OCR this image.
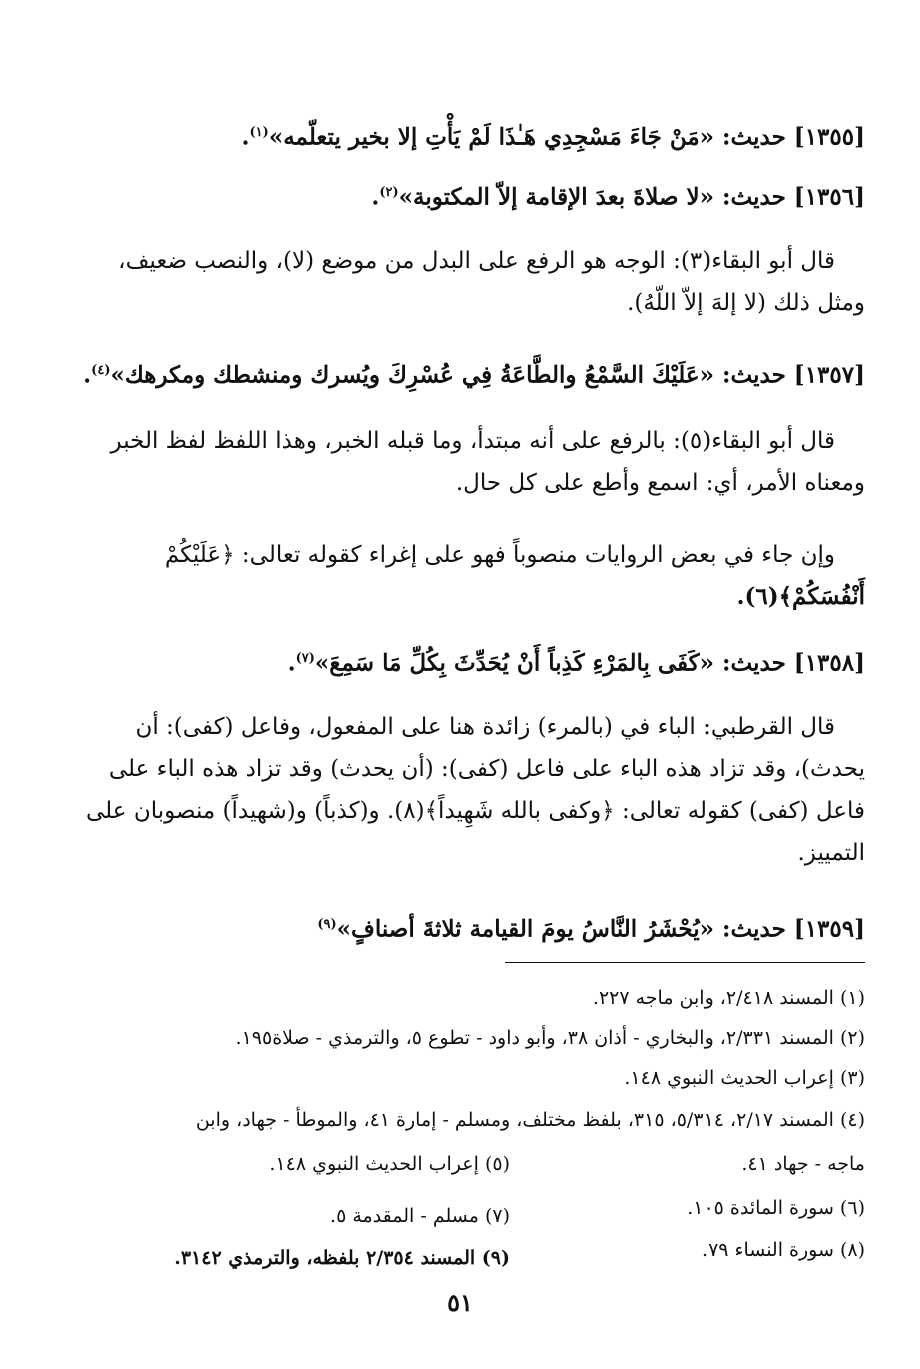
[١٣٥٥] حديث: «مَنْ جَاءَ مَسْجِدِي هَـٰذَا لَمْ يَأْتِ إلا بخير يتعلّمه»$^{(١)}$.
[١٣٥٦] حديث: «لا صلاةَ بعدَ الإقامة إلاّ المكتوبة»$^{(٢)}$.
قال أبو البقاء(٣): الوجه هو الرفع على البدل من موضع (لا)، والنصب ضعيف،
ومثل ذلك (لا إلهَ إلاّ اللّهُ).
[١٣٥٧] حديث: «عَلَيْكَ السَّمْعُ والطَّاعَةُ فِي عُسْرِكَ ويُسرك ومنشطك ومكرهك»$^{(٤)}$.
قال أبو البقاء(٥): بالرفع على أنه مبتدأ، وما قبله الخبر، وهذا اللفظ لفظ الخبر
ومعناه الأمر، أي: اسمع وأطع على كل حال.
وإن جاء في بعض الروايات منصوباً فهو على إغراء كقوله تعالى: ﴿عَلَيْكُمْ
أَنْفُسَكُمْ﴾(٦).
[١٣٥٨] حديث: «كَفَى بِالمَرْءِ كَذِباً أَنْ يُحَدِّثَ بِكُلِّ مَا سَمِعَ»$^{(٧)}$.
قال القرطبي: الباء في (بالمرء) زائدة هنا على المفعول، وفاعل (كفى): أن
يحدث)، وقد تزاد هذه الباء على فاعل (كفى): (أن يحدث) وقد تزاد هذه الباء على
فاعل (كفى) كقوله تعالى: ﴿وكفى بالله شَهِيداً﴾(٨). و(كذباً) و(شهيداً) منصوبان على
التمييز.
[١٣٥٩] حديث: «يُحْشَرُ النَّاسُ يومَ القيامة ثلاثةَ أصنافٍ»$^{(٩)}$
(١) المسند ٢/٤١٨، وابن ماجه ٢٢٧.
(٢) المسند ٢/٣٣١، والبخاري - أذان ٣٨، وأبو داود - تطوع ٥، والترمذي - صلاة١٩٥.
(٣) إعراب الحديث النبوي ١٤٨.
(٤) المسند ٢/١٧، ٥/٣١٤، ٣١٥، بلفظ مختلف، ومسلم - إمارة ٤١، والموطأ - جهاد، وابن
ماجه - جهاد ٤١.
(٥) إعراب الحديث النبوي ١٤٨.
(٦) سورة المائدة ١٠٥.
(٧) مسلم - المقدمة ٥.
(٨) سورة النساء ٧٩.
(٩) المسند ٢/٣٥٤ بلفظه، والترمذي ٣١٤٢.
٥١
